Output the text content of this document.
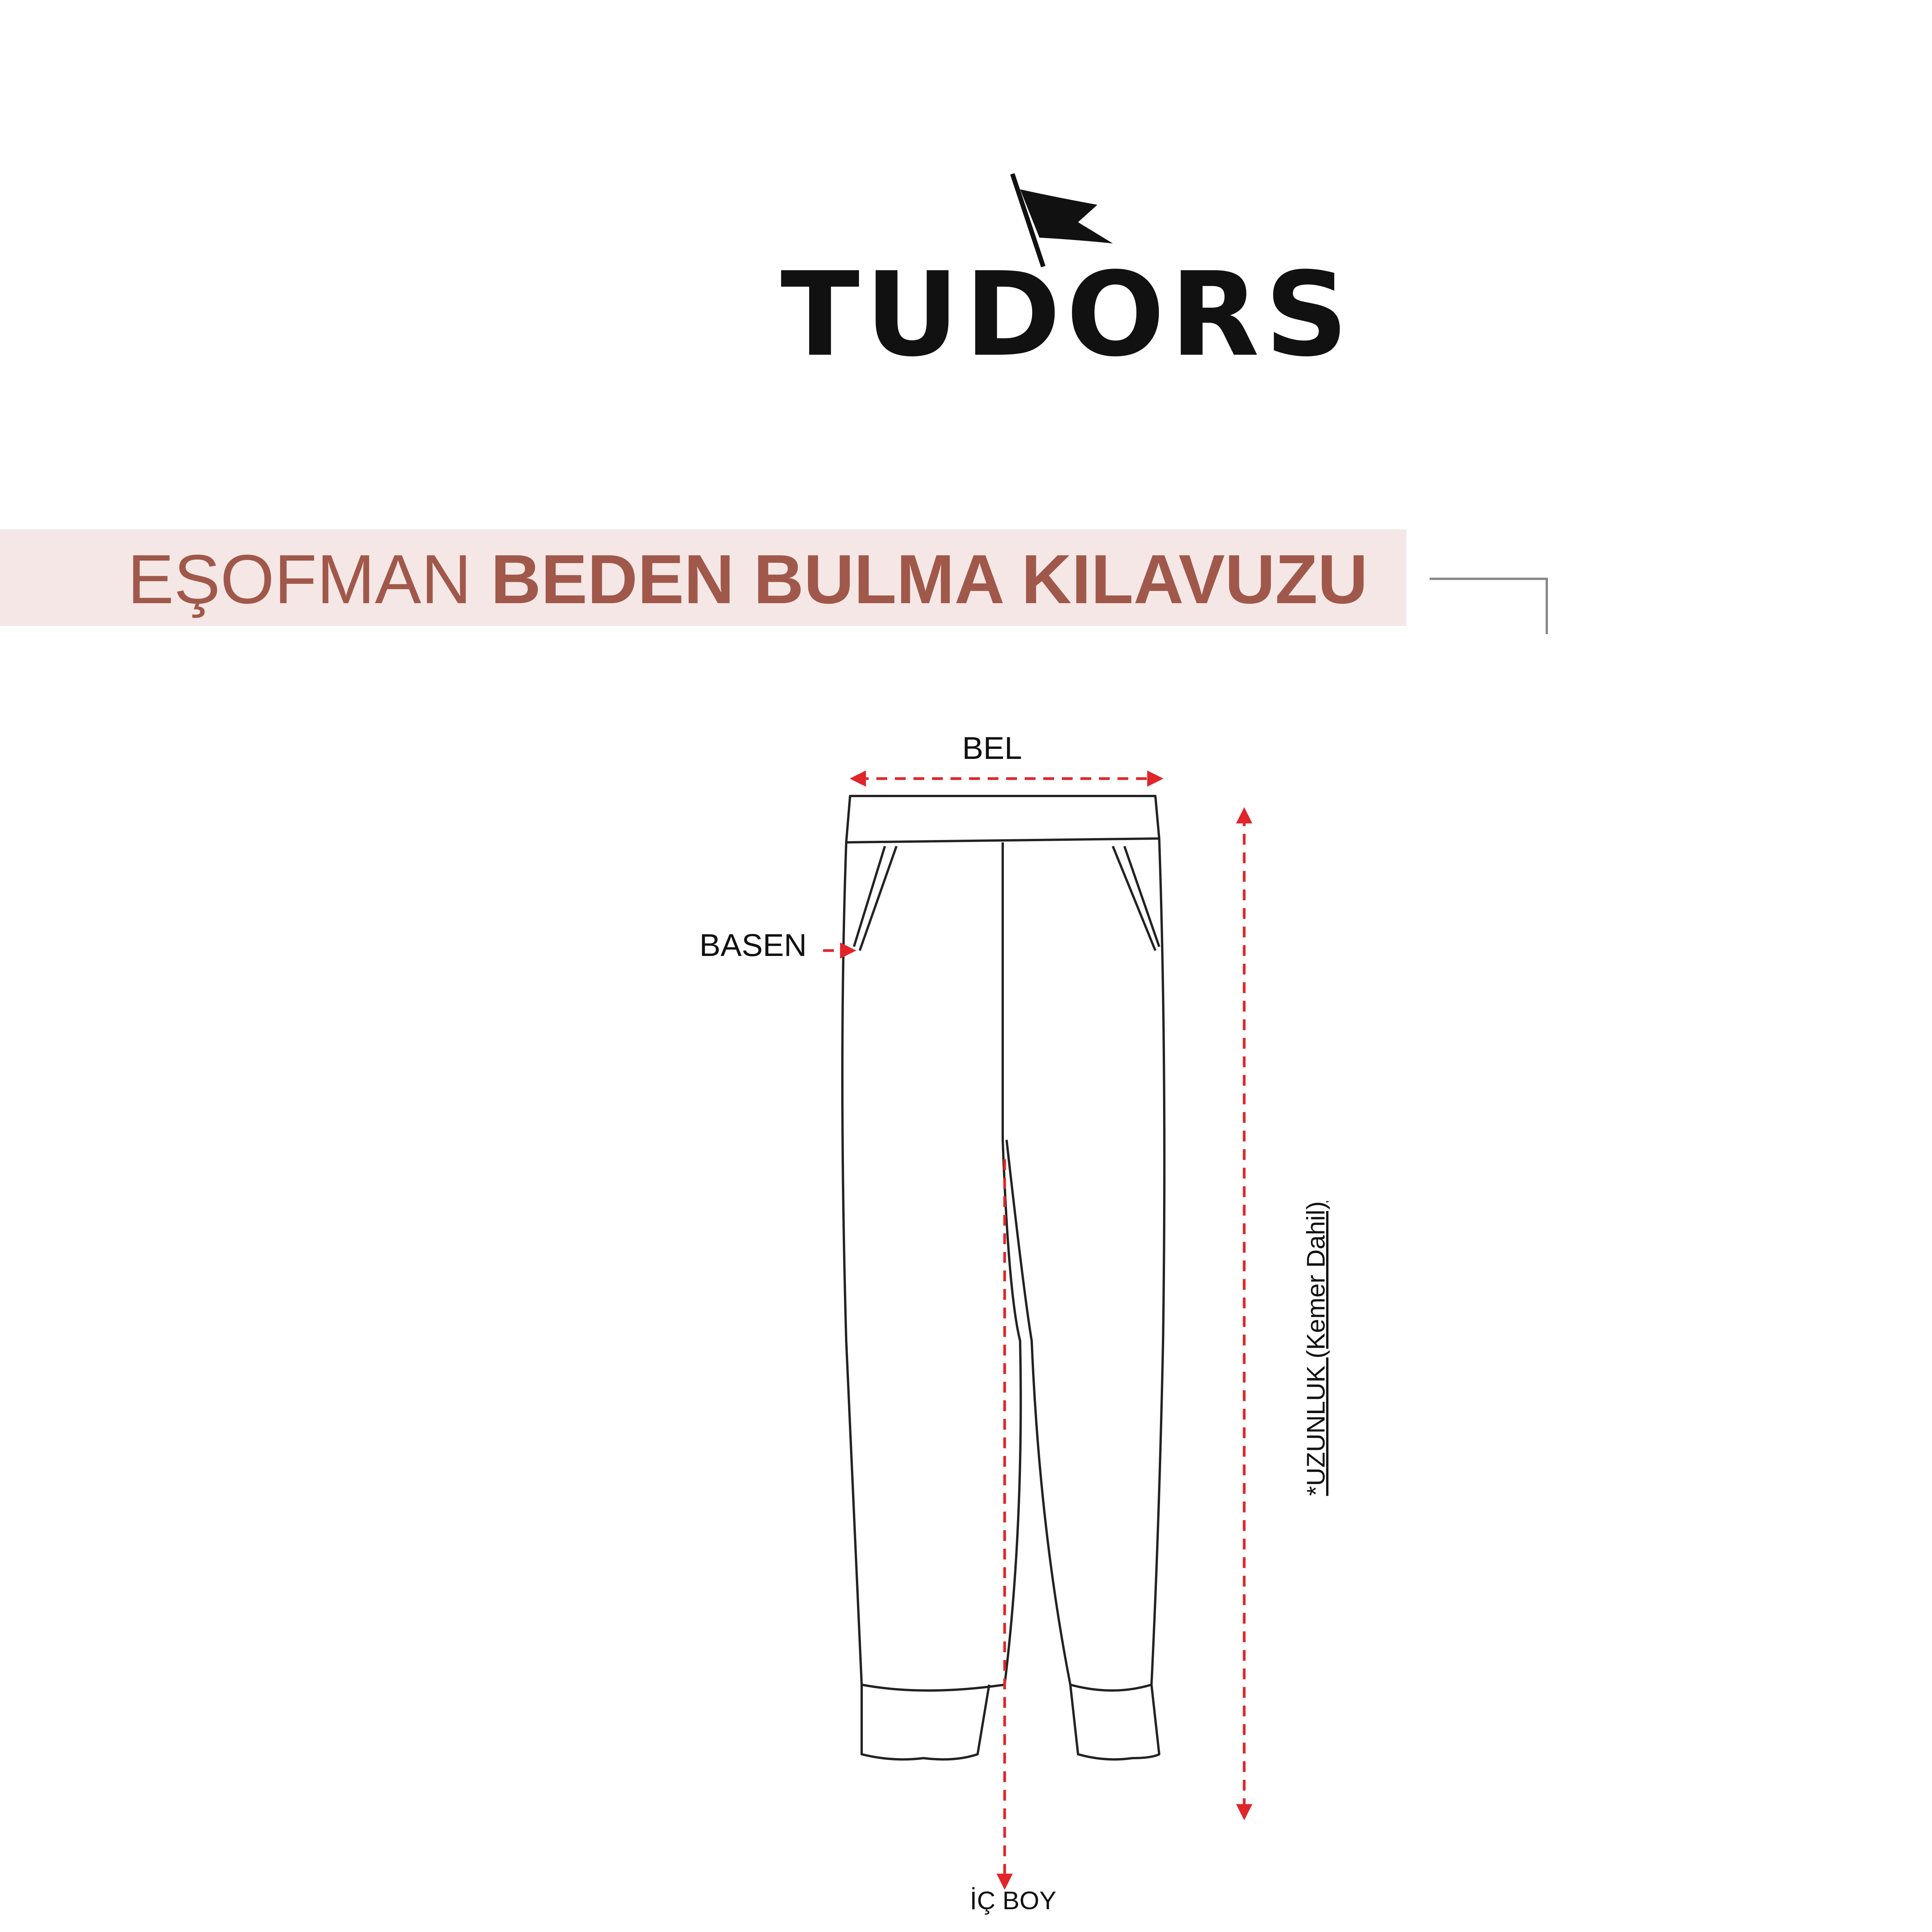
TUDORS
EŞOFMAN BEDEN BULMA KILAVUZU
BEL
BASEN
İÇ BOY
*UZUNLUK (Kemer Dahil)
